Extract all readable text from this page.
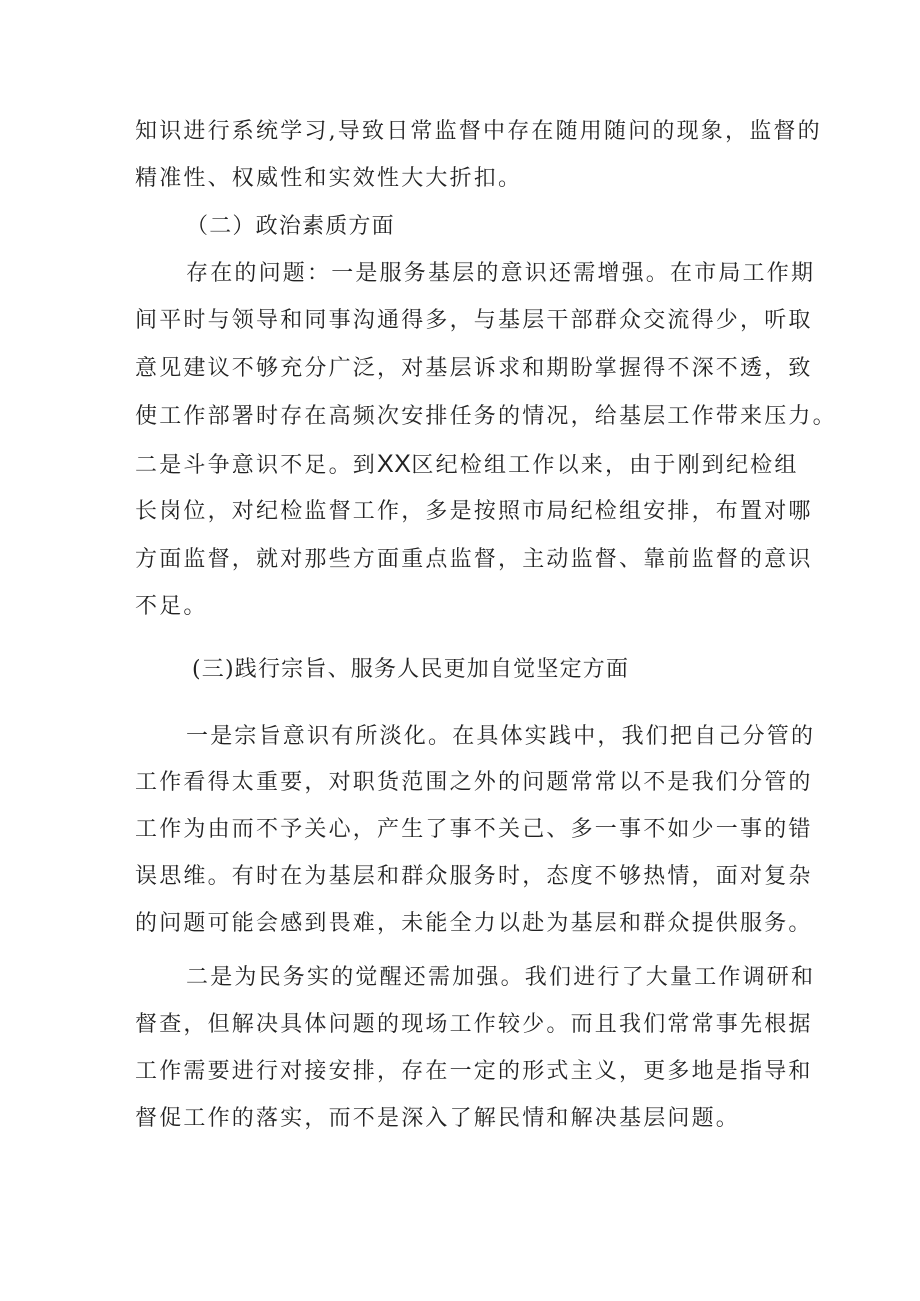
知识进行系统学习,导致日常监督中存在随用随问的现象，监督的
精准性、权威性和实效性大大折扣。
（二）政治素质方面
存在的问题：一是服务基层的意识还需增强。在市局工作期
间平时与领导和同事沟通得多，与基层干部群众交流得少，听取
意见建议不够充分广泛，对基层诉求和期盼掌握得不深不透，致
使工作部署时存在高频次安排任务的情况，给基层工作带来压力。
二是斗争意识不足。到XX区纪检组工作以来，由于刚到纪检组
长岗位，对纪检监督工作，多是按照市局纪检组安排，布置对哪
方面监督，就对那些方面重点监督，主动监督、靠前监督的意识
不足。
(三)践行宗旨、服务人民更加自觉坚定方面
一是宗旨意识有所淡化。在具体实践中，我们把自己分管的
工作看得太重要，对职货范围之外的问题常常以不是我们分管的
工作为由而不予关心，产生了事不关己、多一事不如少一事的错
误思维。有时在为基层和群众服务时，态度不够热情，面对复杂
的问题可能会感到畏难，未能全力以赴为基层和群众提供服务。
二是为民务实的觉醒还需加强。我们进行了大量工作调研和
督查，但解决具体问题的现场工作较少。而且我们常常事先根据
工作需要进行对接安排，存在一定的形式主义，更多地是指导和
督促工作的落实，而不是深入了解民情和解决基层问题。
